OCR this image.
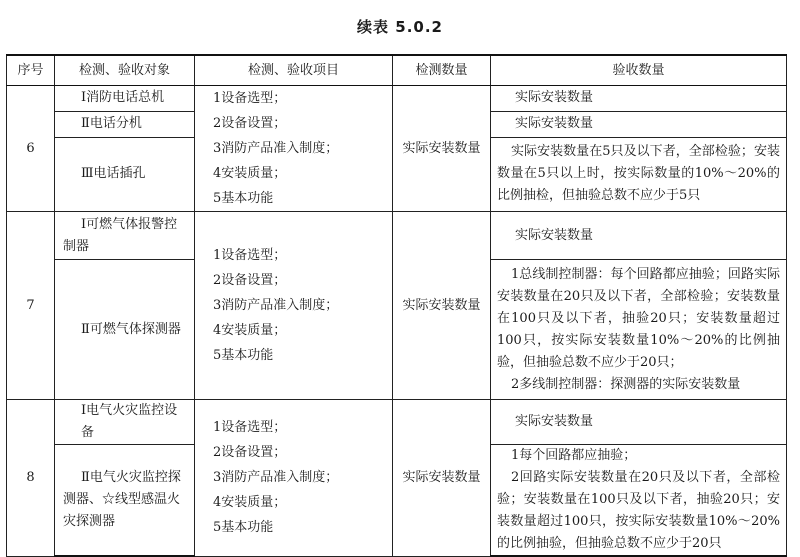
续表 5.0.2
序号	检测、验收对象	检测、验收项目	检测数量	验收数量
6	Ⅰ消防电话总机	1设备选型；
2设备设置；
3消防产品准入制度；
4安装质量；
5基本功能	实际安装数量	实际安装数量
	Ⅱ电话分机			实际安装数量
	Ⅲ电话插孔			实际安装数量在5只及以下者，全部检验；安装数量在5只以上时，按实际数量的10%～20%的比例抽检，但抽验总数不应少于5只
7	Ⅰ可燃气体报警控制器	1设备选型；
2设备设置；
3消防产品准入制度；
4安装质量；
5基本功能	实际安装数量	实际安装数量
	Ⅱ可燃气体探测器			1总线制控制器：每个回路都应抽验；回路实际安装数量在20只及以下者，全部检验；安装数量在100只及以下者，抽验20只；安装数量超过100只，按实际安装数量10%～20%的比例抽验，但抽验总数不应少于20只；
2多线制控制器：探测器的实际安装数量

8	Ⅰ电气火灾监控设备	1设备选型；
2设备设置；
3消防产品准入制度；
4安装质量；
5基本功能	实际安装数量	实际安装数量
	Ⅱ电气火灾监控探测器、☆线型感温火灾探测器			1每个回路都应抽验；
2回路实际安装数量在20只及以下者，全部检验；安装数量在100只及以下者，抽验20只；安装数量超过100只，按实际安装数量10%～20%的比例抽验，但抽验总数不应少于20只
